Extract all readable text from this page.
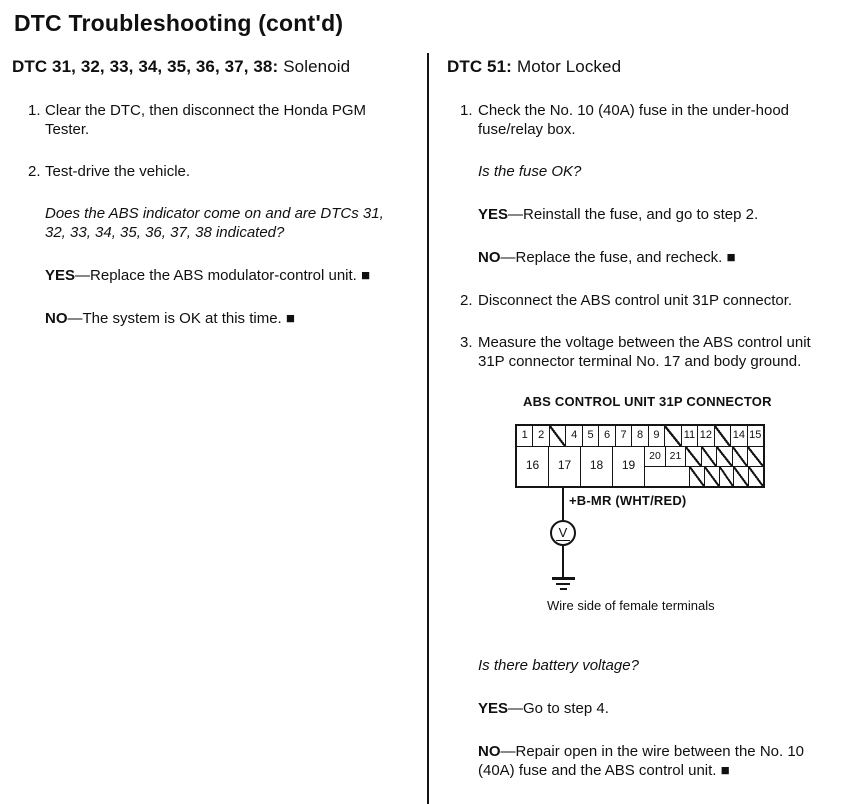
DTC Troubleshooting (cont'd)
DTC 31, 32, 33, 34, 35, 36, 37, 38: Solenoid
1. Clear the DTC, then disconnect the Honda PGM Tester.
2. Test-drive the vehicle.

Does the ABS indicator come on and are DTCs 31, 32, 33, 34, 35, 36, 37, 38 indicated?

YES—Replace the ABS modulator-control unit. ■

NO—The system is OK at this time. ■

DTC 51: Motor Locked
1. Check the No. 10 (40A) fuse in the under-hood fuse/relay box.

Is the fuse OK?

YES—Reinstall the fuse, and go to step 2.

NO—Replace the fuse, and recheck. ■

2. Disconnect the ABS control unit 31P connector.
3. Measure the voltage between the ABS control unit 31P connector terminal No. 17 and body ground.
ABS CONTROL UNIT 31P CONNECTOR
1 2	4 5 6 7 8 9	11 12 14 15
16	17	18	19
20 21
+B-MR (WHT/RED)
V
Wire side of female terminals

Is there battery voltage?

YES—Go to step 4.

NO—Repair open in the wire between the No. 10 (40A) fuse and the ABS control unit. ■
